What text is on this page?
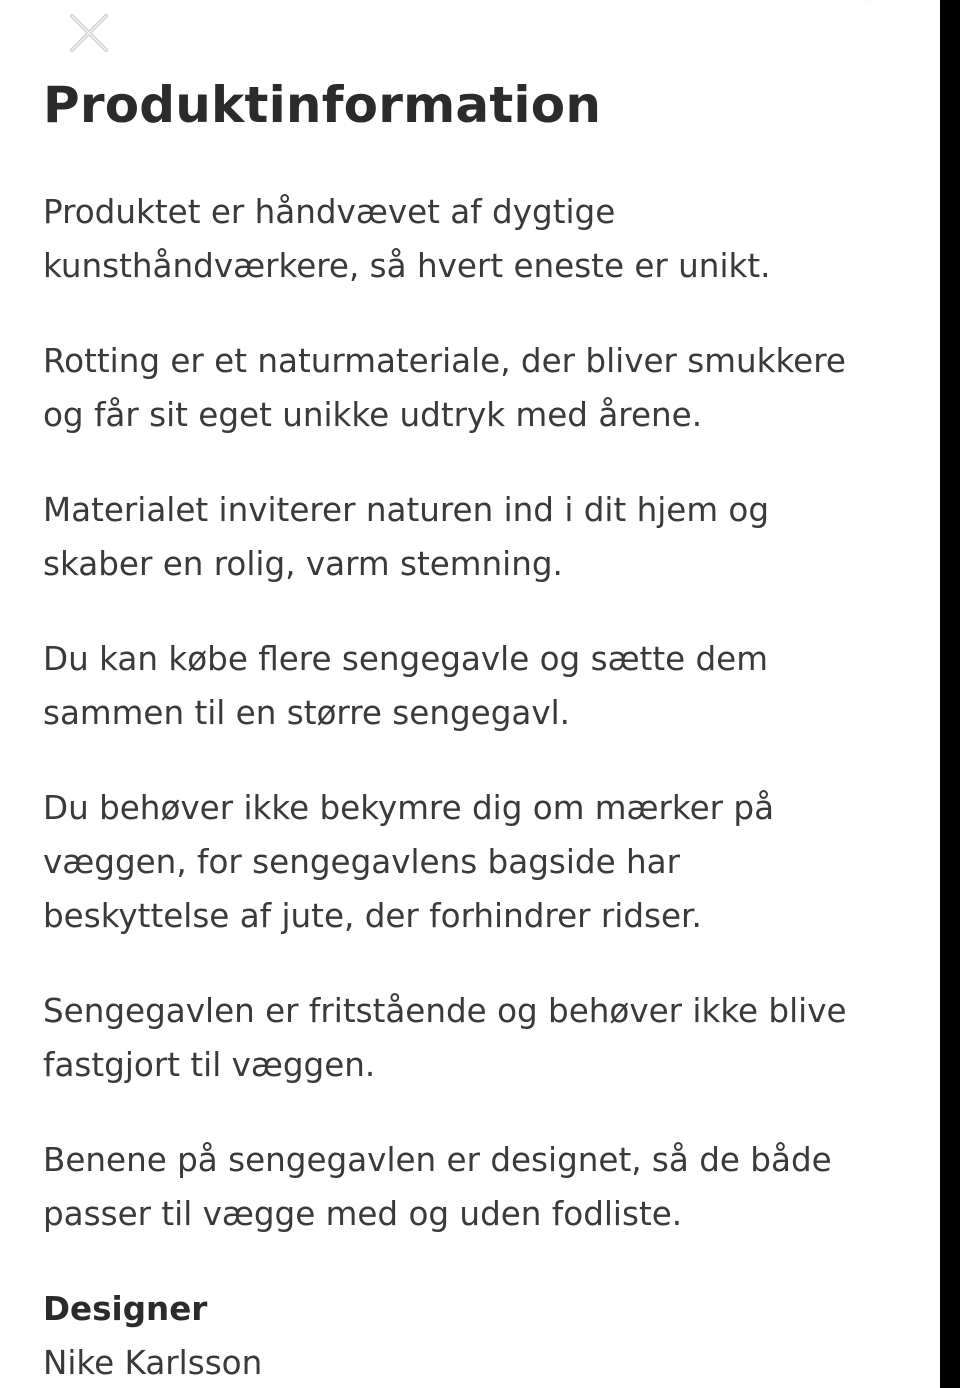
Produktinformation

Produktet er håndvævet af dygtige
kunsthåndværkere, så hvert eneste er unikt.

Rotting er et naturmateriale, der bliver smukkere
og får sit eget unikke udtryk med årene.

Materialet inviterer naturen ind i dit hjem og
skaber en rolig, varm stemning.

Du kan købe flere sengegavle og sætte dem
sammen til en større sengegavl.

Du behøver ikke bekymre dig om mærker på
væggen, for sengegavlens bagside har
beskyttelse af jute, der forhindrer ridser.

Sengegavlen er fritstående og behøver ikke blive
fastgjort til væggen.

Benene på sengegavlen er designet, så de både
passer til vægge med og uden fodliste.

Designer

Nike Karlsson
